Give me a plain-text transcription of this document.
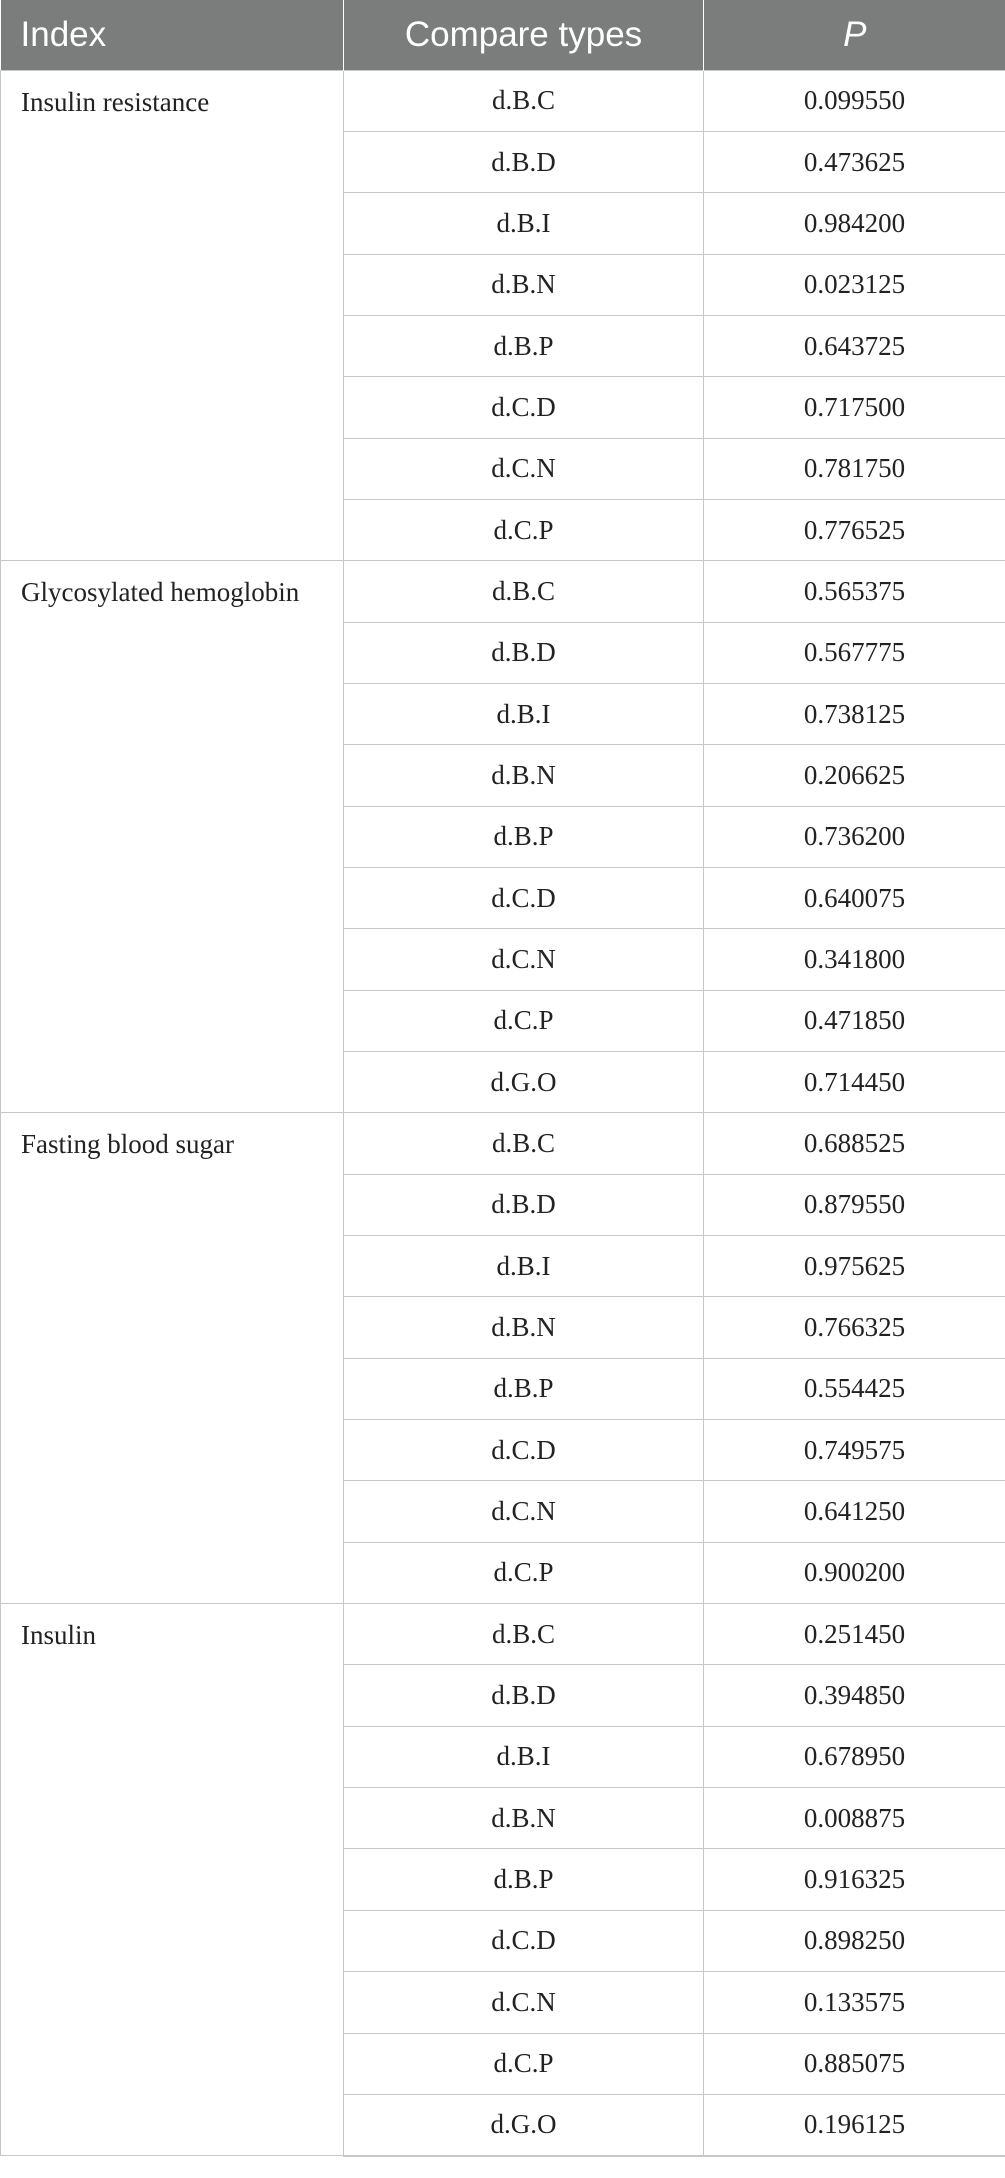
Index	Compare types	P
Insulin resistance	d.B.C	0.099550
	d.B.D	0.473625
	d.B.I	0.984200
	d.B.N	0.023125
	d.B.P	0.643725
	d.C.D	0.717500
	d.C.N	0.781750
	d.C.P	0.776525
Glycosylated hemoglobin	d.B.C	0.565375
	d.B.D	0.567775
	d.B.I	0.738125
	d.B.N	0.206625
	d.B.P	0.736200
	d.C.D	0.640075
	d.C.N	0.341800
	d.C.P	0.471850
	d.G.O	0.714450
Fasting blood sugar	d.B.C	0.688525
	d.B.D	0.879550
	d.B.I	0.975625
	d.B.N	0.766325
	d.B.P	0.554425
	d.C.D	0.749575
	d.C.N	0.641250
	d.C.P	0.900200
Insulin	d.B.C	0.251450
	d.B.D	0.394850
	d.B.I	0.678950
	d.B.N	0.008875
	d.B.P	0.916325
	d.C.D	0.898250
	d.C.N	0.133575
	d.C.P	0.885075
	d.G.O	0.196125
